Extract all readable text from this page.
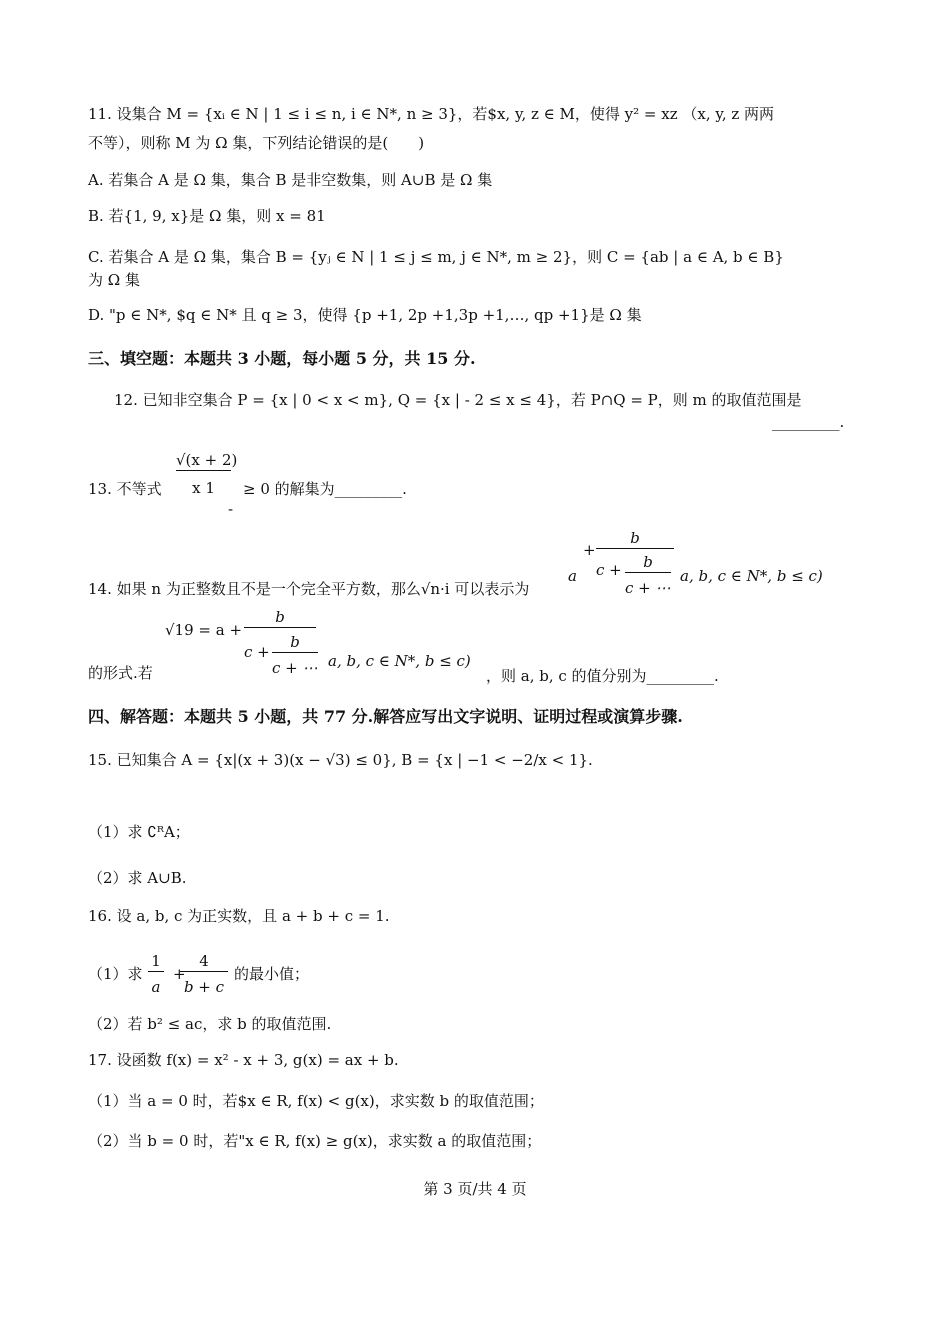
11. 设集合 M = {xᵢ ∈ N | 1 ≤ i ≤ n, i ∈ N*, n ≥ 3}，若$x, y, z ∈ M，使得 y² = xz （x, y, z 两两
不等），则称 M 为 Ω 集，下列结论错误的是(　　)
A. 若集合 A 是 Ω 集，集合 B 是非空数集，则 A∪B 是 Ω 集
B. 若{1, 9, x}是 Ω 集，则 x = 81
C. 若集合 A 是 Ω 集，集合 B = {yⱼ ∈ N | 1 ≤ j ≤ m, j ∈ N*, m ≥ 2}，则 C = {ab | a ∈ A, b ∈ B}
为 Ω 集
D. "p ∈ N*, $q ∈ N* 且 q ≥ 3，使得 {p +1, 2p +1,3p +1,…, qp +1}是 Ω 集
三、填空题：本题共 3 小题，每小题 5 分，共 15 分.
12. 已知非空集合 P = {x | 0 < x < m}, Q = {x | - 2 ≤ x ≤ 4}，若 P∩Q = P，则 m 的取值范围是
_________.
13. 不等式
√(x + 2)
x 1
-
≥ 0 的解集为_________.
14. 如果 n 为正整数且不是一个完全平方数，那么√n·i 可以表示为
a
b
+
c +	b
c + ⋯
a, b, c ∈ N*, b ≤ c)
√19 = a +
b
c +
b
c + ⋯
的形式.若
a, b, c ∈ N*, b ≤ c)
，则 a, b, c 的值分别为_________.
四、解答题：本题共 5 小题，共 77 分.解答应写出文字说明、证明过程或演算步骤.
15. 已知集合 A = {x|(x + 3)(x − √3) ≤ 0}, B = {x | −1 < −2/x < 1}.
（1）求 ∁ᴿA；
（2）求 A∪B.
16. 设 a, b, c 为正实数，且 a + b + c = 1.
（1）求
1
a
+
4
b + c
的最小值；
（2）若 b² ≤ ac，求 b 的取值范围.
17. 设函数 f(x) = x² - x + 3, g(x) = ax + b.
（1）当 a = 0 时，若$x ∈ R, f(x) < g(x)，求实数 b 的取值范围；
（2）当 b = 0 时，若"x ∈ R, f(x) ≥ g(x)，求实数 a 的取值范围；
第 3 页/共 4 页
